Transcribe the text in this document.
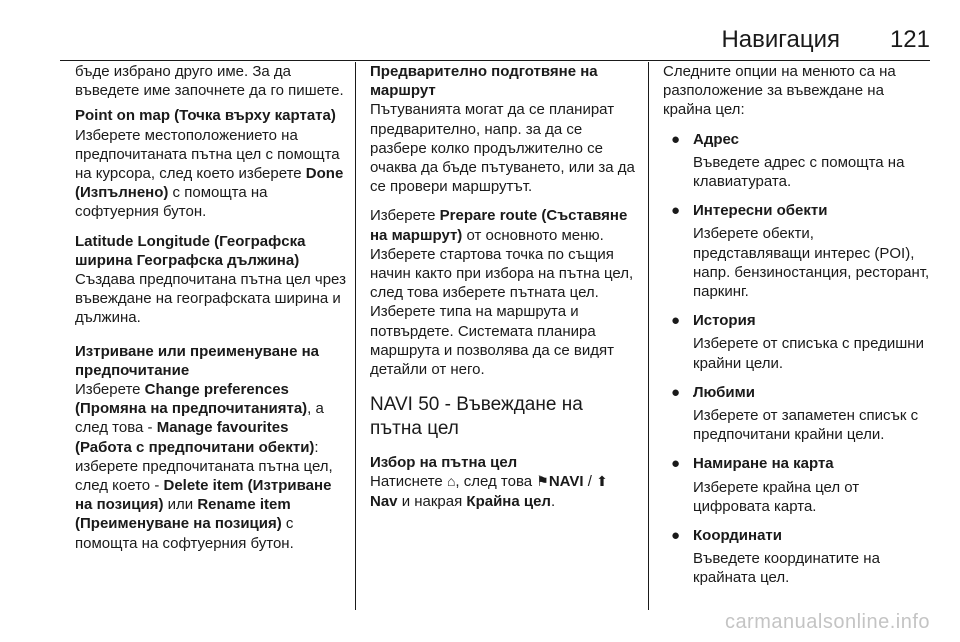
Навигация 121

бъде избрано друго име. За да въведете име започнете да го пишете.

Point on map (Точка върху картата) Изберете местоположението на предпочитаната пътна цел с помощта на курсора, след което изберете Done (Изпълнено) с помощта на софтуерния бутон.

Latitude Longitude (Географска ширина Географска дължина) Създава предпочитана пътна цел чрез въвеждане на географската ширина и дължина.

Изтриване или преименуване на предпочитание

Изберете Change preferences (Промяна на предпочитанията), а след това - Manage favourites (Работа с предпочитани обекти): изберете предпочитаната пътна цел, след което - Delete item (Изтриване на позиция) или Rename item (Преименуване на позиция) с помощта на софтуерния бутон.

Предварително подготвяне на маршрут

Пътуванията могат да се планират предварително, напр. за да се разбере колко продължително се очаква да бъде пътуването, или за да се провери маршрутът.

Изберете Prepare route (Съставяне на маршрут) от основното меню. Изберете стартова точка по същия начин както при избора на пътна цел, след това изберете пътната цел. Изберете типа на маршрута и потвърдете. Системата планира маршрута и позволява да се видят детайли от него.

NAVI 50 - Въвеждане на пътна цел

Избор на пътна цел

Натиснете ⌂, след това ⚑NAVI / ⬆Nav и накрая Крайна цел.

Следните опции на менюто са на разположение за въвеждане на крайна цел:

● Адрес
Въведете адрес с помощта на клавиатурата.
● Интересни обекти
Изберете обекти, представляващи интерес (POI), напр. бензиностанция, ресторант, паркинг.
● История
Изберете от списъка с предишни крайни цели.
● Любими
Изберете от запаметен списък с предпочитани крайни цели.
● Намиране на карта
Изберете крайна цел от цифровата карта.
● Координати
Въведете координатите на крайната цел.
carmanualsonline.info
